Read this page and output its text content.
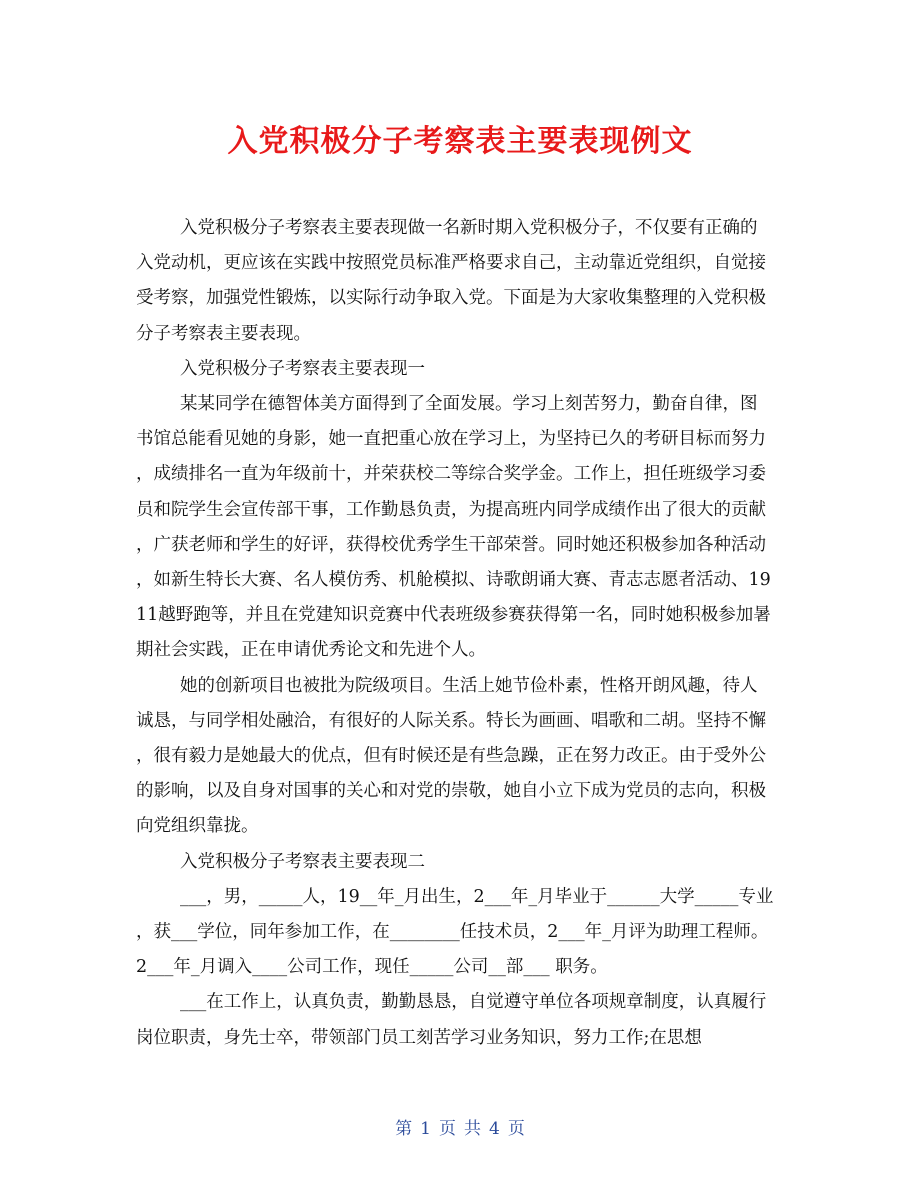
入党积极分子考察表主要表现例文
入党积极分子考察表主要表现做一名新时期入党积极分子，不仅要有正确的
入党动机，更应该在实践中按照党员标准严格要求自己，主动靠近党组织，自觉接
受考察，加强党性锻炼，以实际行动争取入党。下面是为大家收集整理的入党积极
分子考察表主要表现。
入党积极分子考察表主要表现一
某某同学在德智体美方面得到了全面发展。学习上刻苦努力，勤奋自律，图
书馆总能看见她的身影，她一直把重心放在学习上，为坚持已久的考研目标而努力
，成绩排名一直为年级前十，并荣获校二等综合奖学金。工作上，担任班级学习委
员和院学生会宣传部干事，工作勤恳负责，为提高班内同学成绩作出了很大的贡献
，广获老师和学生的好评，获得校优秀学生干部荣誉。同时她还积极参加各种活动
，如新生特长大赛、名人模仿秀、机舱模拟、诗歌朗诵大赛、青志志愿者活动、19
11越野跑等，并且在党建知识竞赛中代表班级参赛获得第一名，同时她积极参加暑
期社会实践，正在申请优秀论文和先进个人。
她的创新项目也被批为院级项目。生活上她节俭朴素，性格开朗风趣，待人
诚恳，与同学相处融洽，有很好的人际关系。特长为画画、唱歌和二胡。坚持不懈
，很有毅力是她最大的优点，但有时候还是有些急躁，正在努力改正。由于受外公
的影响，以及自身对国事的关心和对党的崇敬，她自小立下成为党员的志向，积极
向党组织靠拢。
入党积极分子考察表主要表现二
___，男，_____人，19__年_月出生，2___年_月毕业于______大学_____专业
，获___学位，同年参加工作，在________任技术员，2___年_月评为助理工程师。
2___年_月调入____公司工作，现任_____公司__部___ 职务。
___在工作上，认真负责，勤勤恳恳，自觉遵守单位各项规章制度，认真履行
岗位职责，身先士卒，带领部门员工刻苦学习业务知识，努力工作;在思想
第 1 页 共 4 页
